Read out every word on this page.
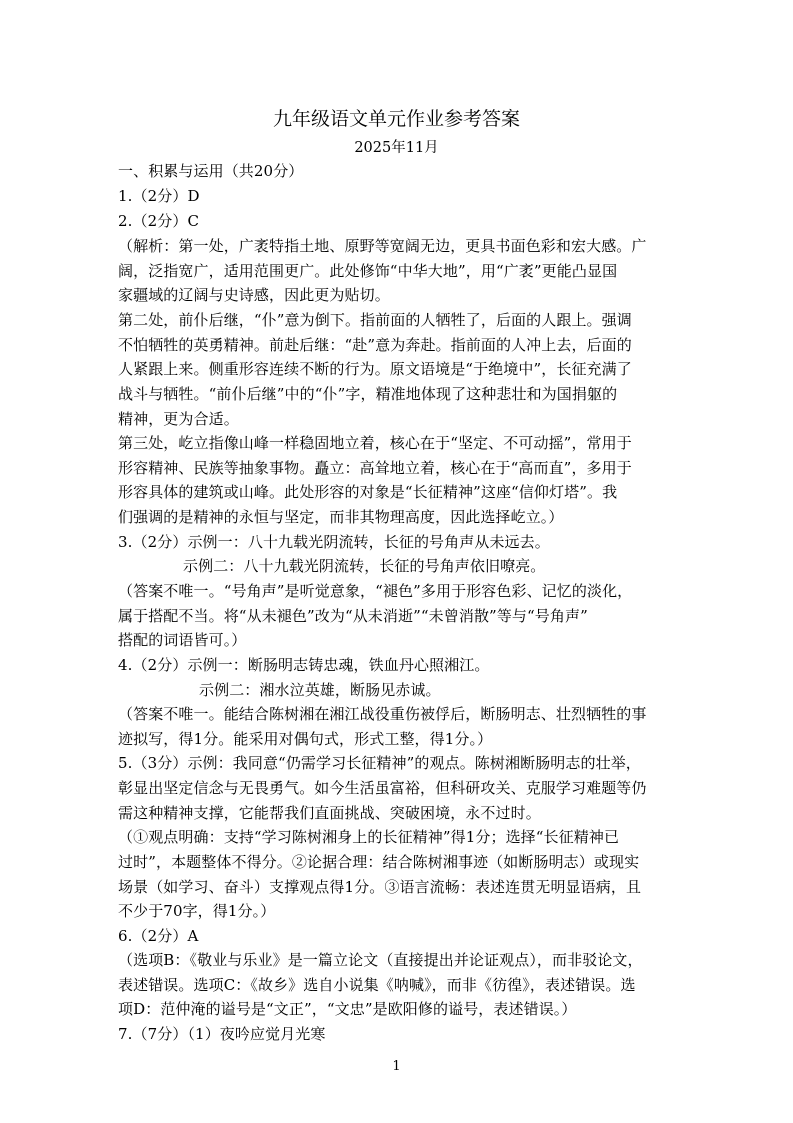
九年级语文单元作业参考答案
2025年11月
一、积累与运用（共20分）
1.（2分）D
2.（2分）C
（解析：第一处，广袤特指土地、原野等宽阔无边，更具书面色彩和宏大感。广
阔，泛指宽广，适用范围更广。此处修饰“中华大地”，用“广袤”更能凸显国
家疆域的辽阔与史诗感，因此更为贴切。
第二处，前仆后继，“仆”意为倒下。指前面的人牺牲了，后面的人跟上。强调
不怕牺牲的英勇精神。前赴后继：“赴”意为奔赴。指前面的人冲上去，后面的
人紧跟上来。侧重形容连续不断的行为。原文语境是“于绝境中”，长征充满了
战斗与牺牲。“前仆后继”中的“仆”字，精准地体现了这种悲壮和为国捐躯的
精神，更为合适。
第三处，屹立指像山峰一样稳固地立着，核心在于“坚定、不可动摇”，常用于
形容精神、民族等抽象事物。矗立：高耸地立着，核心在于“高而直”，多用于
形容具体的建筑或山峰。此处形容的对象是“长征精神”这座“信仰灯塔”。我
们强调的是精神的永恒与坚定，而非其物理高度，因此选择屹立。）
3.（2分）示例一：八十九载光阴流转，长征的号角声从未远去。
示例二：八十九载光阴流转，长征的号角声依旧嘹亮。
（答案不唯一。“号角声”是听觉意象，“褪色”多用于形容色彩、记忆的淡化，
属于搭配不当。将“从未褪色”改为“从未消逝”“未曾消散”等与“号角声”
搭配的词语皆可。）
4.（2分）示例一：断肠明志铸忠魂，铁血丹心照湘江。
示例二：湘水泣英雄，断肠见赤诚。
（答案不唯一。能结合陈树湘在湘江战役重伤被俘后，断肠明志、壮烈牺牲的事
迹拟写，得1分。能采用对偶句式，形式工整，得1分。）
5.（3分）示例：我同意“仍需学习长征精神”的观点。陈树湘断肠明志的壮举，
彰显出坚定信念与无畏勇气。如今生活虽富裕，但科研攻关、克服学习难题等仍
需这种精神支撑，它能帮我们直面挑战、突破困境，永不过时。
（①观点明确：支持“学习陈树湘身上的长征精神”得1分；选择“长征精神已
过时”，本题整体不得分。②论据合理：结合陈树湘事迹（如断肠明志）或现实
场景（如学习、奋斗）支撑观点得1分。③语言流畅：表述连贯无明显语病，且
不少于70字，得1分。）
6.（2分）A
（选项B：《敬业与乐业》是一篇立论文（直接提出并论证观点），而非驳论文，
表述错误。选项C：《故乡》选自小说集《呐喊》，而非《彷徨》，表述错误。选
项D：范仲淹的谥号是“文正”，“文忠”是欧阳修的谥号，表述错误。）
7.（7分）（1）夜吟应觉月光寒
1
